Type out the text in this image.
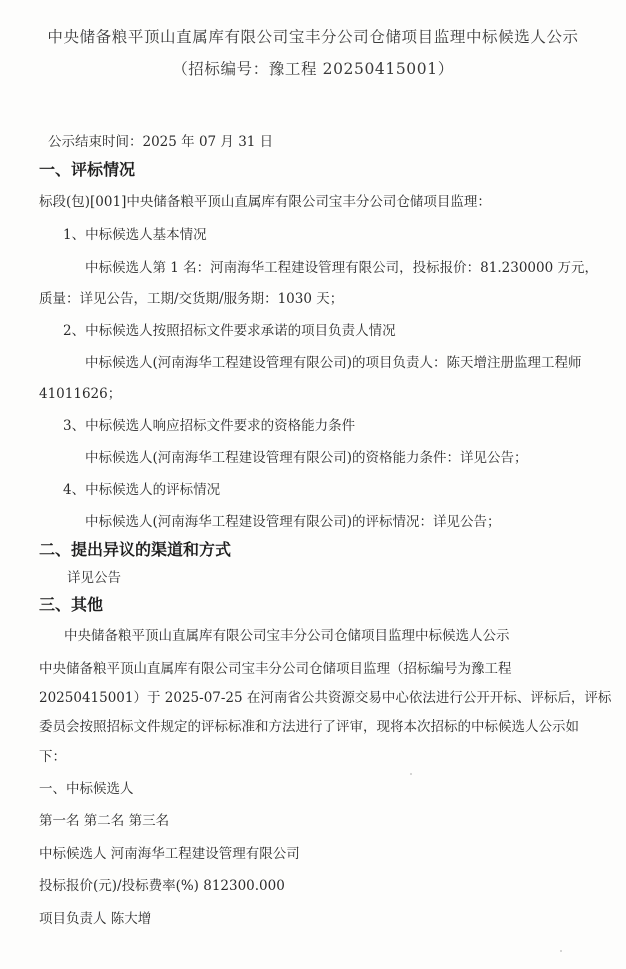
中央储备粮平顶山直属库有限公司宝丰分公司仓储项目监理中标候选人公示
（招标编号：豫工程 20250415001）
公示结束时间：2025 年 07 月 31 日
一、评标情况
标段(包)[001]中央储备粮平顶山直属库有限公司宝丰分公司仓储项目监理：
1、中标候选人基本情况
中标候选人第 1 名：河南海华工程建设管理有限公司，投标报价：81.230000 万元，
质量：详见公告，工期/交货期/服务期：1030 天；
2、中标候选人按照招标文件要求承诺的项目负责人情况
中标候选人(河南海华工程建设管理有限公司)的项目负责人：陈天增注册监理工程师
41011626；
3、中标候选人响应招标文件要求的资格能力条件
中标候选人(河南海华工程建设管理有限公司)的资格能力条件：详见公告；
4、中标候选人的评标情况
中标候选人(河南海华工程建设管理有限公司)的评标情况：详见公告；
二、提出异议的渠道和方式
详见公告
三、其他
中央储备粮平顶山直属库有限公司宝丰分公司仓储项目监理中标候选人公示
中央储备粮平顶山直属库有限公司宝丰分公司仓储项目监理（招标编号为豫工程
20250415001）于 2025-07-25 在河南省公共资源交易中心依法进行公开开标、评标后，评标
委员会按照招标文件规定的评标标准和方法进行了评审，现将本次招标的中标候选人公示如
下：
一、中标候选人
第一名 第二名 第三名
中标候选人 河南海华工程建设管理有限公司
投标报价(元)/投标费率(%) 812300.000
项目负责人 陈大增
